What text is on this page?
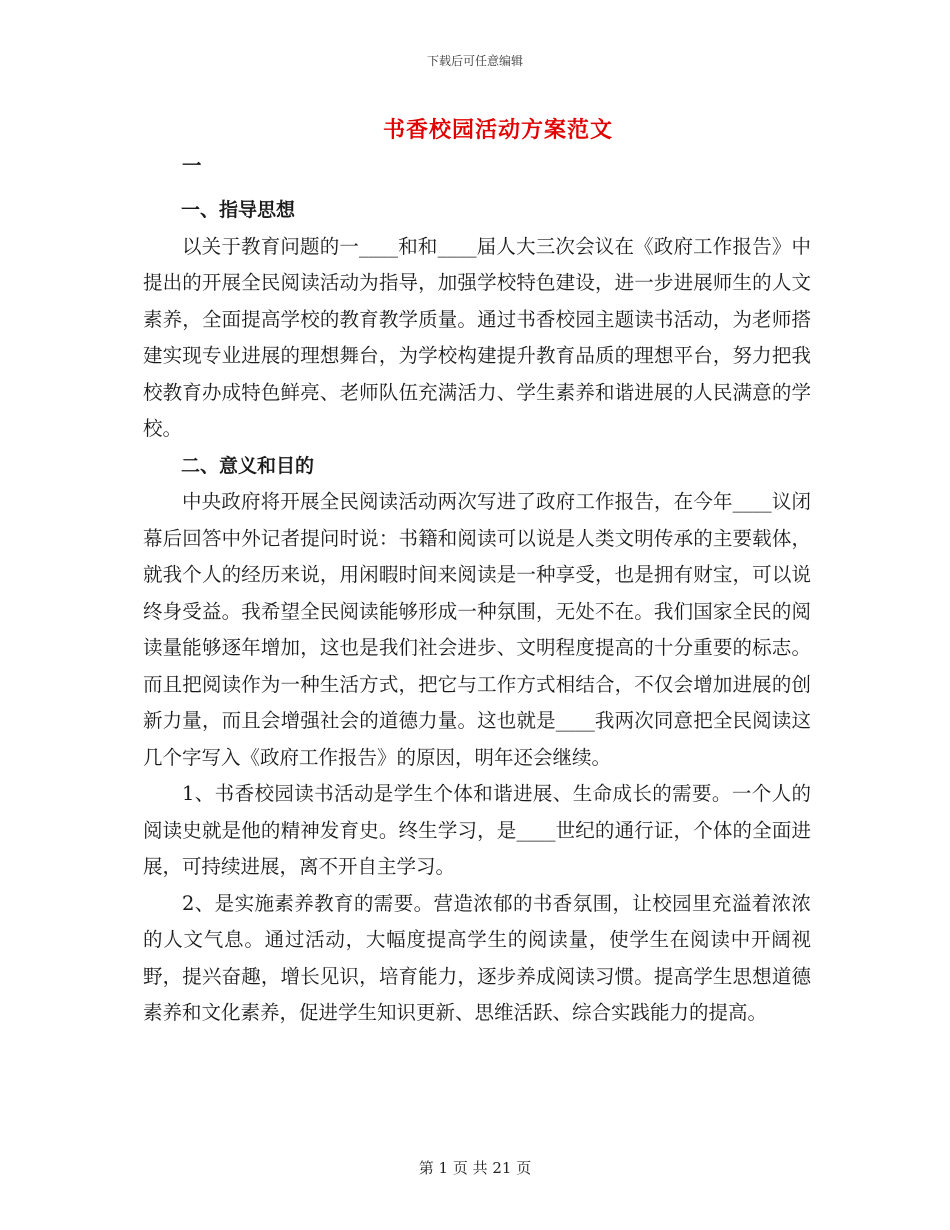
下载后可任意编辑
书香校园活动方案范文

一

一、指导思想

以关于教育问题的一____和和____届人大三次会议在《政府工作报告》中提出的开展全民阅读活动为指导，加强学校特色建设，进一步进展师生的人文素养，全面提高学校的教育教学质量。通过书香校园主题读书活动，为老师搭建实现专业进展的理想舞台，为学校构建提升教育品质的理想平台，努力把我校教育办成特色鲜亮、老师队伍充满活力、学生素养和谐进展的人民满意的学校。

二、意义和目的

中央政府将开展全民阅读活动两次写进了政府工作报告，在今年____议闭幕后回答中外记者提问时说：书籍和阅读可以说是人类文明传承的主要载体，就我个人的经历来说，用闲暇时间来阅读是一种享受，也是拥有财宝，可以说终身受益。我希望全民阅读能够形成一种氛围，无处不在。我们国家全民的阅读量能够逐年增加，这也是我们社会进步、文明程度提高的十分重要的标志。而且把阅读作为一种生活方式，把它与工作方式相结合，不仅会增加进展的创新力量，而且会增强社会的道德力量。这也就是____我两次同意把全民阅读这几个字写入《政府工作报告》的原因，明年还会继续。

1、书香校园读书活动是学生个体和谐进展、生命成长的需要。一个人的阅读史就是他的精神发育史。终生学习，是____世纪的通行证，个体的全面进展，可持续进展，离不开自主学习。

2、是实施素养教育的需要。营造浓郁的书香氛围，让校园里充溢着浓浓的人文气息。通过活动，大幅度提高学生的阅读量，使学生在阅读中开阔视野，提兴奋趣，增长见识，培育能力，逐步养成阅读习惯。提高学生思想道德素养和文化素养，促进学生知识更新、思维活跃、综合实践能力的提高。

第 1 页 共 21 页
